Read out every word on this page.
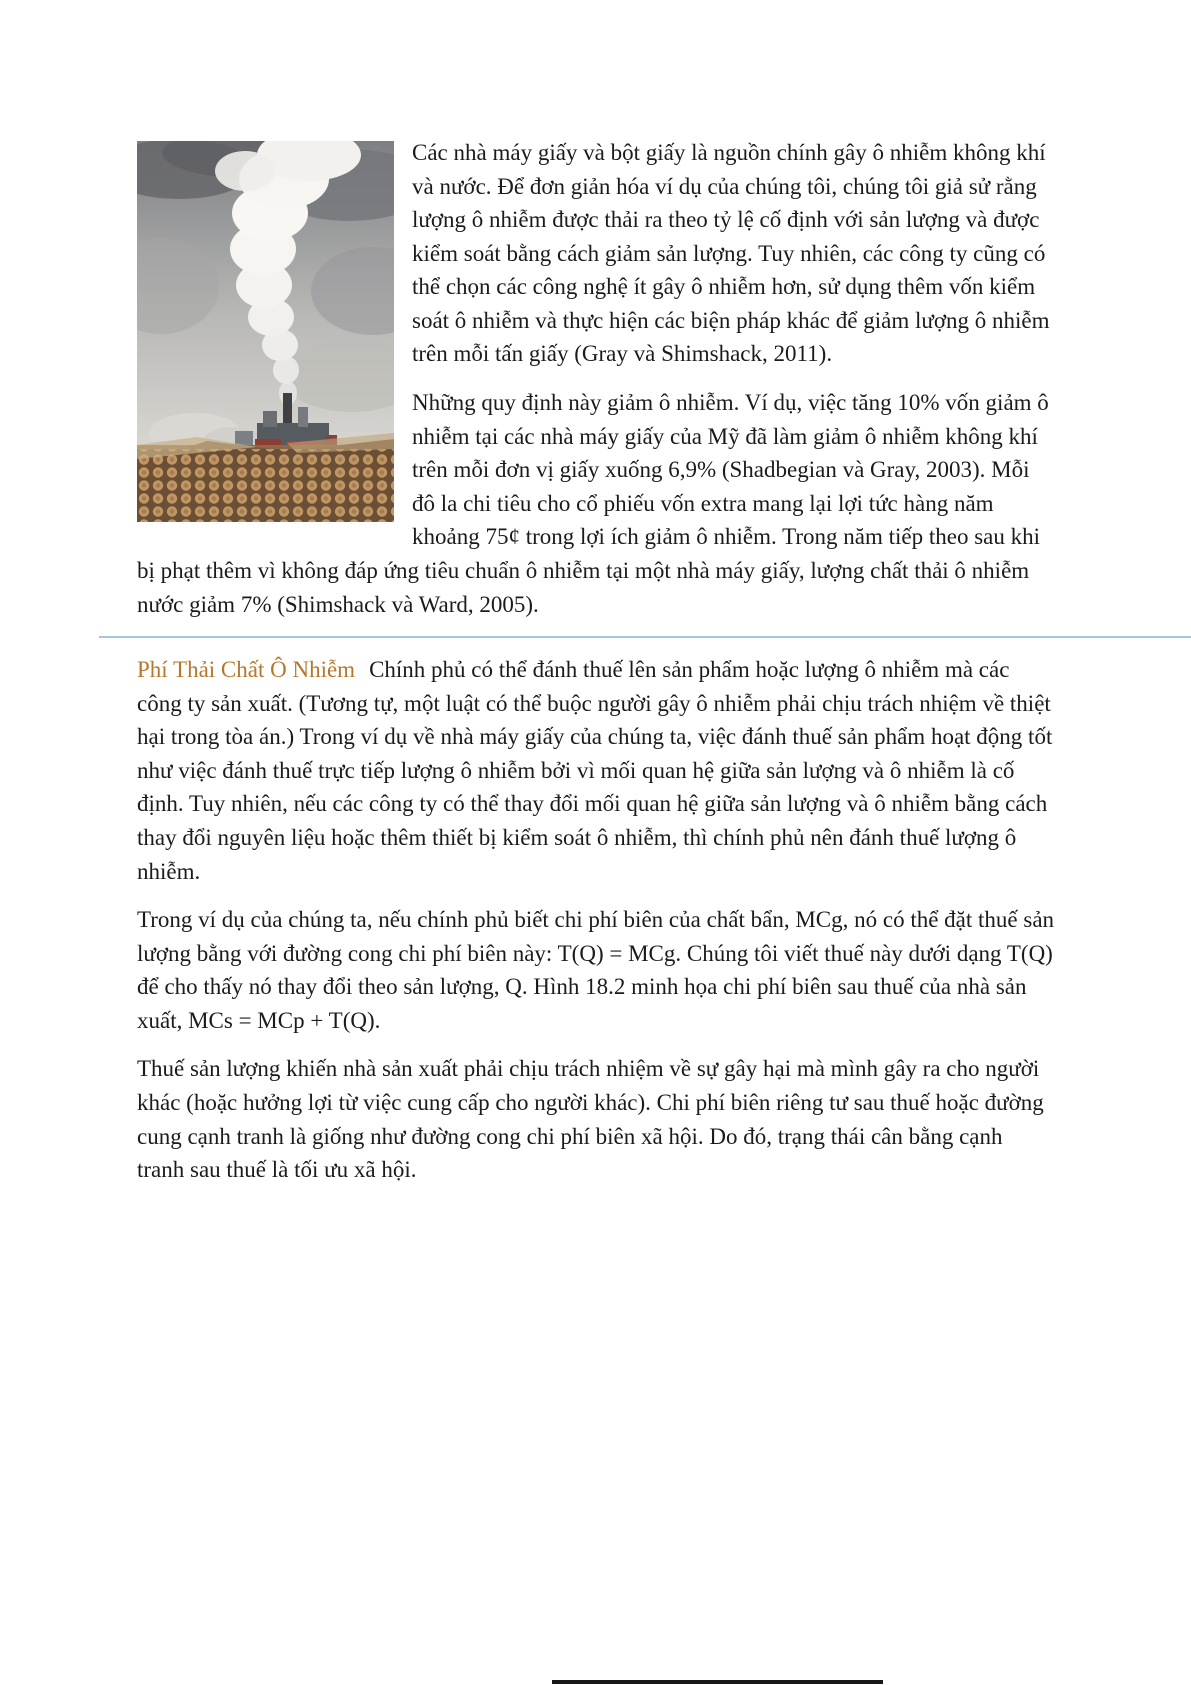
Các nhà máy giấy và bột giấy là nguồn chính gây ô nhiễm không khí và nước. Để đơn giản hóa ví dụ của chúng tôi, chúng tôi giả sử rằng lượng ô nhiễm được thải ra theo tỷ lệ cố định với sản lượng và được kiểm soát bằng cách giảm sản lượng. Tuy nhiên, các công ty cũng có thể chọn các công nghệ ít gây ô nhiễm hơn, sử dụng thêm vốn kiểm soát ô nhiễm và thực hiện các biện pháp khác để giảm lượng ô nhiễm trên mỗi tấn giấy (Gray và Shimshack, 2011).

Những quy định này giảm ô nhiễm. Ví dụ, việc tăng 10% vốn giảm ô nhiễm tại các nhà máy giấy của Mỹ đã làm giảm ô nhiễm không khí trên mỗi đơn vị giấy xuống 6,9% (Shadbegian và Gray, 2003). Mỗi đô la chi tiêu cho cổ phiếu vốn extra mang lại lợi tức hàng năm khoảng 75¢ trong lợi ích giảm ô nhiễm. Trong năm tiếp theo sau khi bị phạt thêm vì không đáp ứng tiêu chuẩn ô nhiễm tại một nhà máy giấy, lượng chất thải ô nhiễm nước giảm 7% (Shimshack và Ward, 2005).

Phí Thải Chất Ô Nhiễm Chính phủ có thể đánh thuế lên sản phẩm hoặc lượng ô nhiễm mà các công ty sản xuất. (Tương tự, một luật có thể buộc người gây ô nhiễm phải chịu trách nhiệm về thiệt hại trong tòa án.) Trong ví dụ về nhà máy giấy của chúng ta, việc đánh thuế sản phẩm hoạt động tốt như việc đánh thuế trực tiếp lượng ô nhiễm bởi vì mối quan hệ giữa sản lượng và ô nhiễm là cố định. Tuy nhiên, nếu các công ty có thể thay đổi mối quan hệ giữa sản lượng và ô nhiễm bằng cách thay đổi nguyên liệu hoặc thêm thiết bị kiểm soát ô nhiễm, thì chính phủ nên đánh thuế lượng ô nhiễm.

Trong ví dụ của chúng ta, nếu chính phủ biết chi phí biên của chất bẩn, MCg, nó có thể đặt thuế sản lượng bằng với đường cong chi phí biên này: T(Q) = MCg. Chúng tôi viết thuế này dưới dạng T(Q) để cho thấy nó thay đổi theo sản lượng, Q. Hình 18.2 minh họa chi phí biên sau thuế của nhà sản xuất, MCs = MCp + T(Q).

Thuế sản lượng khiến nhà sản xuất phải chịu trách nhiệm về sự gây hại mà mình gây ra cho người khác (hoặc hưởng lợi từ việc cung cấp cho người khác). Chi phí biên riêng tư sau thuế hoặc đường cung cạnh tranh là giống như đường cong chi phí biên xã hội. Do đó, trạng thái cân bằng cạnh tranh sau thuế là tối ưu xã hội.
